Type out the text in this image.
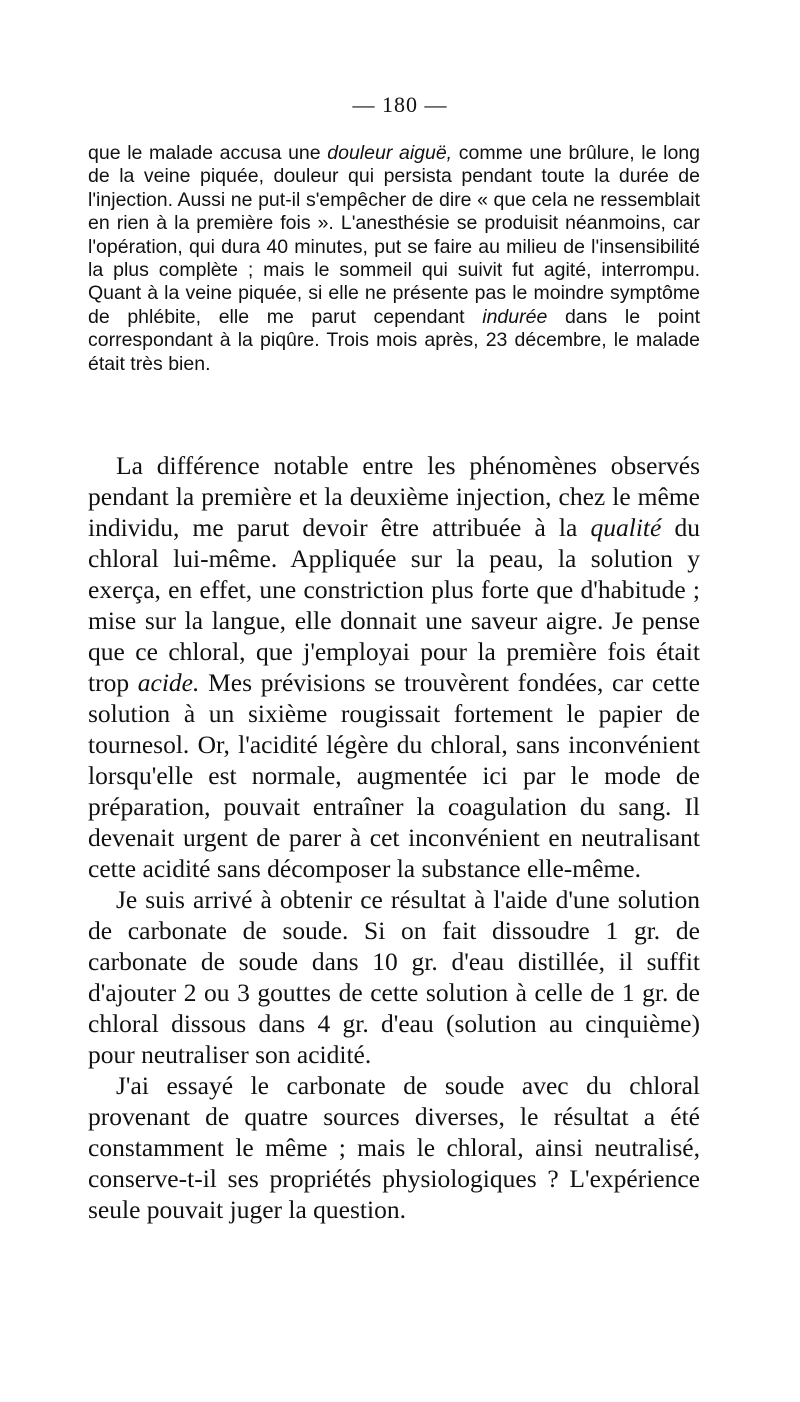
— 180 —

que le malade accusa une douleur aiguë, comme une brûlure, le long de la veine piquée, douleur qui persista pendant toute la durée de l'injection. Aussi ne put-il s'empêcher de dire « que cela ne ressemblait en rien à la première fois ». L'anesthésie se produisit néanmoins, car l'opération, qui dura 40 minutes, put se faire au milieu de l'insensibilité la plus complète ; mais le sommeil qui suivit fut agité, interrompu. Quant à la veine piquée, si elle ne présente pas le moindre symptôme de phlébite, elle me parut cependant indurée dans le point correspondant à la piqûre. Trois mois après, 23 décembre, le malade était très bien.

La différence notable entre les phénomènes observés pendant la première et la deuxième injection, chez le même individu, me parut devoir être attribuée à la qualité du chloral lui-même. Appliquée sur la peau, la solution y exerça, en effet, une constriction plus forte que d'habitude ; mise sur la langue, elle donnait une saveur aigre. Je pense que ce chloral, que j'employai pour la première fois était trop acide. Mes prévisions se trouvèrent fondées, car cette solution à un sixième rougissait fortement le papier de tournesol. Or, l'acidité légère du chloral, sans inconvénient lorsqu'elle est normale, augmentée ici par le mode de préparation, pouvait entraîner la coagulation du sang. Il devenait urgent de parer à cet inconvénient en neutralisant cette acidité sans décomposer la substance elle-même.

Je suis arrivé à obtenir ce résultat à l'aide d'une solution de carbonate de soude. Si on fait dissoudre 1 gr. de carbonate de soude dans 10 gr. d'eau distillée, il suffit d'ajouter 2 ou 3 gouttes de cette solution à celle de 1 gr. de chloral dissous dans 4 gr. d'eau (solution au cinquième) pour neutraliser son acidité.

J'ai essayé le carbonate de soude avec du chloral provenant de quatre sources diverses, le résultat a été constamment le même ; mais le chloral, ainsi neutralisé, conserve-t-il ses propriétés physiologiques ? L'expérience seule pouvait juger la question.
